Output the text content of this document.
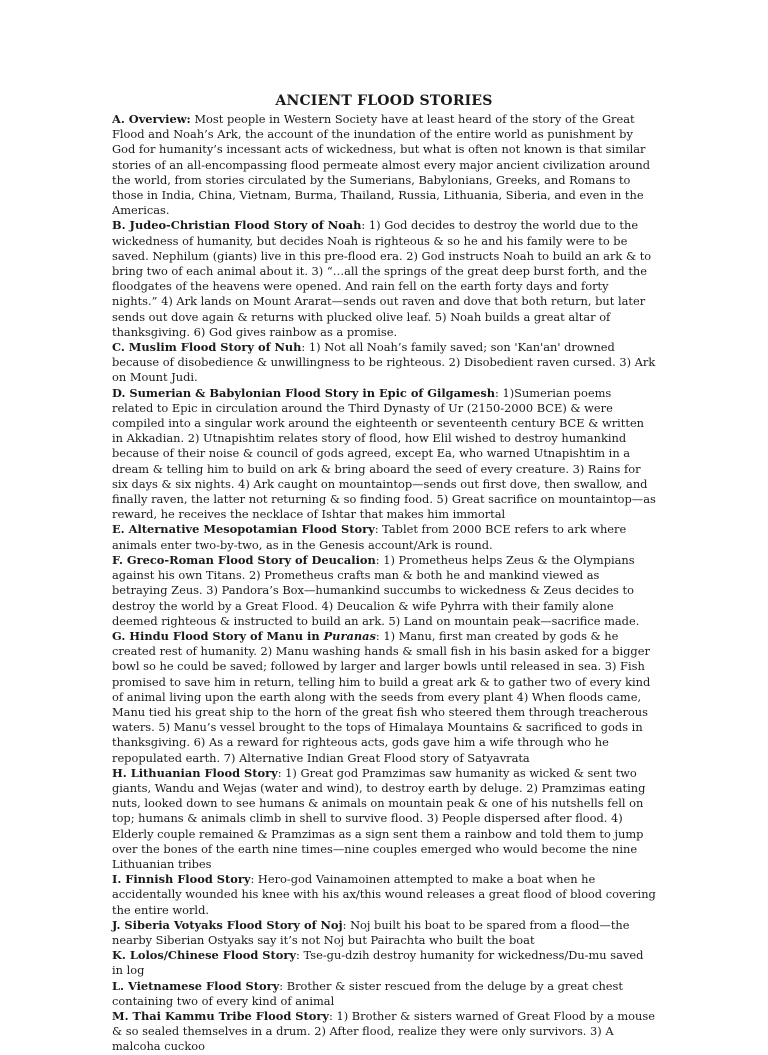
ANCIENT FLOOD STORIES

A. Overview: Most people in Western Society have at least heard of the story of the Great Flood and Noah’s Ark, the account of the inundation of the entire world as punishment by God for humanity’s incessant acts of wickedness, but what is often not known is that similar stories of an all-encompassing flood permeate almost every major ancient civilization around the world, from stories circulated by the Sumerians, Babylonians, Greeks, and Romans to those in India, China, Vietnam, Burma, Thailand, Russia, Lithuania, Siberia, and even in the Americas.

B. Judeo-Christian Flood Story of Noah: 1) God decides to destroy the world due to the wickedness of humanity, but decides Noah is righteous & so he and his family were to be saved. Nephilum (giants) live in this pre-flood era. 2) God instructs Noah to build an ark & to bring two of each animal about it. 3) “…all the springs of the great deep burst forth, and the floodgates of the heavens were opened. And rain fell on the earth forty days and forty nights.” 4) Ark lands on Mount Ararat—sends out raven and dove that both return, but later sends out dove again & returns with plucked olive leaf. 5) Noah builds a great altar of thanksgiving. 6) God gives rainbow as a promise.

C. Muslim Flood Story of Nuh: 1) Not all Noah’s family saved; son 'Kan'an' drowned because of disobedience & unwillingness to be righteous. 2) Disobedient raven cursed. 3) Ark on Mount Judi.

D. Sumerian & Babylonian Flood Story in Epic of Gilgamesh: 1)Sumerian poems related to Epic in circulation around the Third Dynasty of Ur (2150-2000 BCE) & were compiled into a singular work around the eighteenth or seventeenth century BCE & written in Akkadian. 2) Utnapishtim relates story of flood, how Elil wished to destroy humankind because of their noise & council of gods agreed, except Ea, who warned Utnapishtim in a dream & telling him to build on ark & bring aboard the seed of every creature. 3) Rains for six days & six nights. 4) Ark caught on mountaintop—sends out first dove, then swallow, and finally raven, the latter not returning & so finding food. 5) Great sacrifice on mountaintop—as reward, he receives the necklace of Ishtar that makes him immortal

E. Alternative Mesopotamian Flood Story: Tablet from 2000 BCE refers to ark where animals enter two-by-two, as in the Genesis account/Ark is round.

F. Greco-Roman Flood Story of Deucalion: 1) Prometheus helps Zeus & the Olympians against his own Titans. 2) Prometheus crafts man & both he and mankind viewed as betraying Zeus. 3) Pandora’s Box—humankind succumbs to wickedness & Zeus decides to destroy the world by a Great Flood. 4) Deucalion & wife Pyhrra with their family alone deemed righteous & instructed to build an ark. 5) Land on mountain peak—sacrifice made.

G. Hindu Flood Story of Manu in Puranas: 1) Manu, first man created by gods & he created rest of humanity. 2) Manu washing hands & small fish in his basin asked for a bigger bowl so he could be saved; followed by larger and larger bowls until released in sea. 3) Fish promised to save him in return, telling him to build a great ark & to gather two of every kind of animal living upon the earth along with the seeds from every plant 4) When floods came, Manu tied his great ship to the horn of the great fish who steered them through treacherous waters. 5) Manu’s vessel brought to the tops of Himalaya Mountains & sacrificed to gods in thanksgiving. 6) As a reward for righteous acts, gods gave him a wife through who he repopulated earth. 7) Alternative Indian Great Flood story of Satyavrata

H. Lithuanian Flood Story: 1) Great god Pramzimas saw humanity as wicked & sent two giants, Wandu and Wejas (water and wind), to destroy earth by deluge. 2) Pramzimas eating nuts, looked down to see humans & animals on mountain peak & one of his nutshells fell on top; humans & animals climb in shell to survive flood. 3) People dispersed after flood. 4) Elderly couple remained & Pramzimas as a sign sent them a rainbow and told them to jump over the bones of the earth nine times—nine couples emerged who would become the nine Lithuanian tribes

I. Finnish Flood Story: Hero-god Vainamoinen attempted to make a boat when he accidentally wounded his knee with his ax/this wound releases a great flood of blood covering the entire world.

J. Siberia Votyaks Flood Story of Noj: Noj built his boat to be spared from a flood—the nearby Siberian Ostyaks say it’s not Noj but Pairachta who built the boat

K. Lolos/Chinese Flood Story: Tse-gu-dzih destroy humanity for wickedness/Du-mu saved in log

L. Vietnamese Flood Story: Brother & sister rescued from the deluge by a great chest containing two of every kind of animal

M. Thai Kammu Tribe Flood Story: 1) Brother & sisters warned of Great Flood by a mouse & so sealed themselves in a drum. 2) After flood, realize they were only survivors. 3) A malcoha cuckoo
